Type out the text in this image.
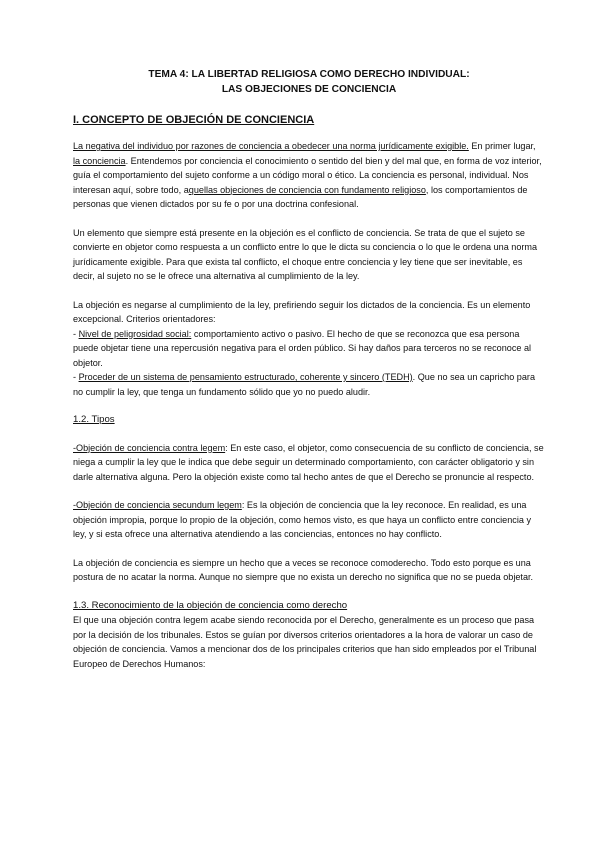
TEMA 4: LA LIBERTAD RELIGIOSA COMO DERECHO INDIVIDUAL:
LAS OBJECIONES DE CONCIENCIA
I. CONCEPTO DE OBJECIÓN DE CONCIENCIA

La negativa del individuo por razones de conciencia a obedecer una norma jurídicamente exigible. En primer lugar, la conciencia. Entendemos por conciencia el conocimiento o sentido del bien y del mal que, en forma de voz interior, guía el comportamiento del sujeto conforme a un código moral o ético. La conciencia es personal, individual. Nos interesan aquí, sobre todo, aquellas objeciones de conciencia con fundamento religioso, los comportamientos de personas que vienen dictados por su fe o por una doctrina confesional.

Un elemento que siempre está presente en la objeción es el conflicto de conciencia. Se trata de que el sujeto se convierte en objetor como respuesta a un conflicto entre lo que le dicta su conciencia o lo que le ordena una norma jurídicamente exigible. Para que exista tal conflicto, el choque entre conciencia y ley tiene que ser inevitable, es decir, al sujeto no se le ofrece una alternativa al cumplimiento de la ley.

La objeción es negarse al cumplimiento de la ley, prefiriendo seguir los dictados de la conciencia. Es un elemento excepcional. Criterios orientadores:
- Nivel de peligrosidad social: comportamiento activo o pasivo. El hecho de que se reconozca que esa persona puede objetar tiene una repercusión negativa para el orden público. Si hay daños para terceros no se reconoce al objetor.
- Proceder de un sistema de pensamiento estructurado, coherente y sincero (TEDH). Que no sea un capricho para no cumplir la ley, que tenga un fundamento sólido que yo no puedo aludir.

1.2. Tipos

-Objeción de conciencia contra legem: En este caso, el objetor, como consecuencia de su conflicto de conciencia, se niega a cumplir la ley que le indica que debe seguir un determinado comportamiento, con carácter obligatorio y sin darle alternativa alguna. Pero la objeción existe como tal hecho antes de que el Derecho se pronuncie al respecto.

-Objeción de conciencia secundum legem: Es la objeción de conciencia que la ley reconoce. En realidad, es una objeción impropia, porque lo propio de la objeción, como hemos visto, es que haya un conflicto entre conciencia y ley, y si esta ofrece una alternativa atendiendo a las conciencias, entonces no hay conflicto.

La objeción de conciencia es siempre un hecho que a veces se reconoce comoderecho. Todo esto porque es una postura de no acatar la norma. Aunque no siempre que no exista un derecho no significa que no se pueda objetar.

1.3. Reconocimiento de la objeción de conciencia como derecho

El que una objeción contra legem acabe siendo reconocida por el Derecho, generalmente es un proceso que pasa por la decisión de los tribunales. Estos se guían por diversos criterios orientadores a la hora de valorar un caso de objeción de conciencia. Vamos a mencionar dos de los principales criterios que han sido empleados por el Tribunal Europeo de Derechos Humanos:
